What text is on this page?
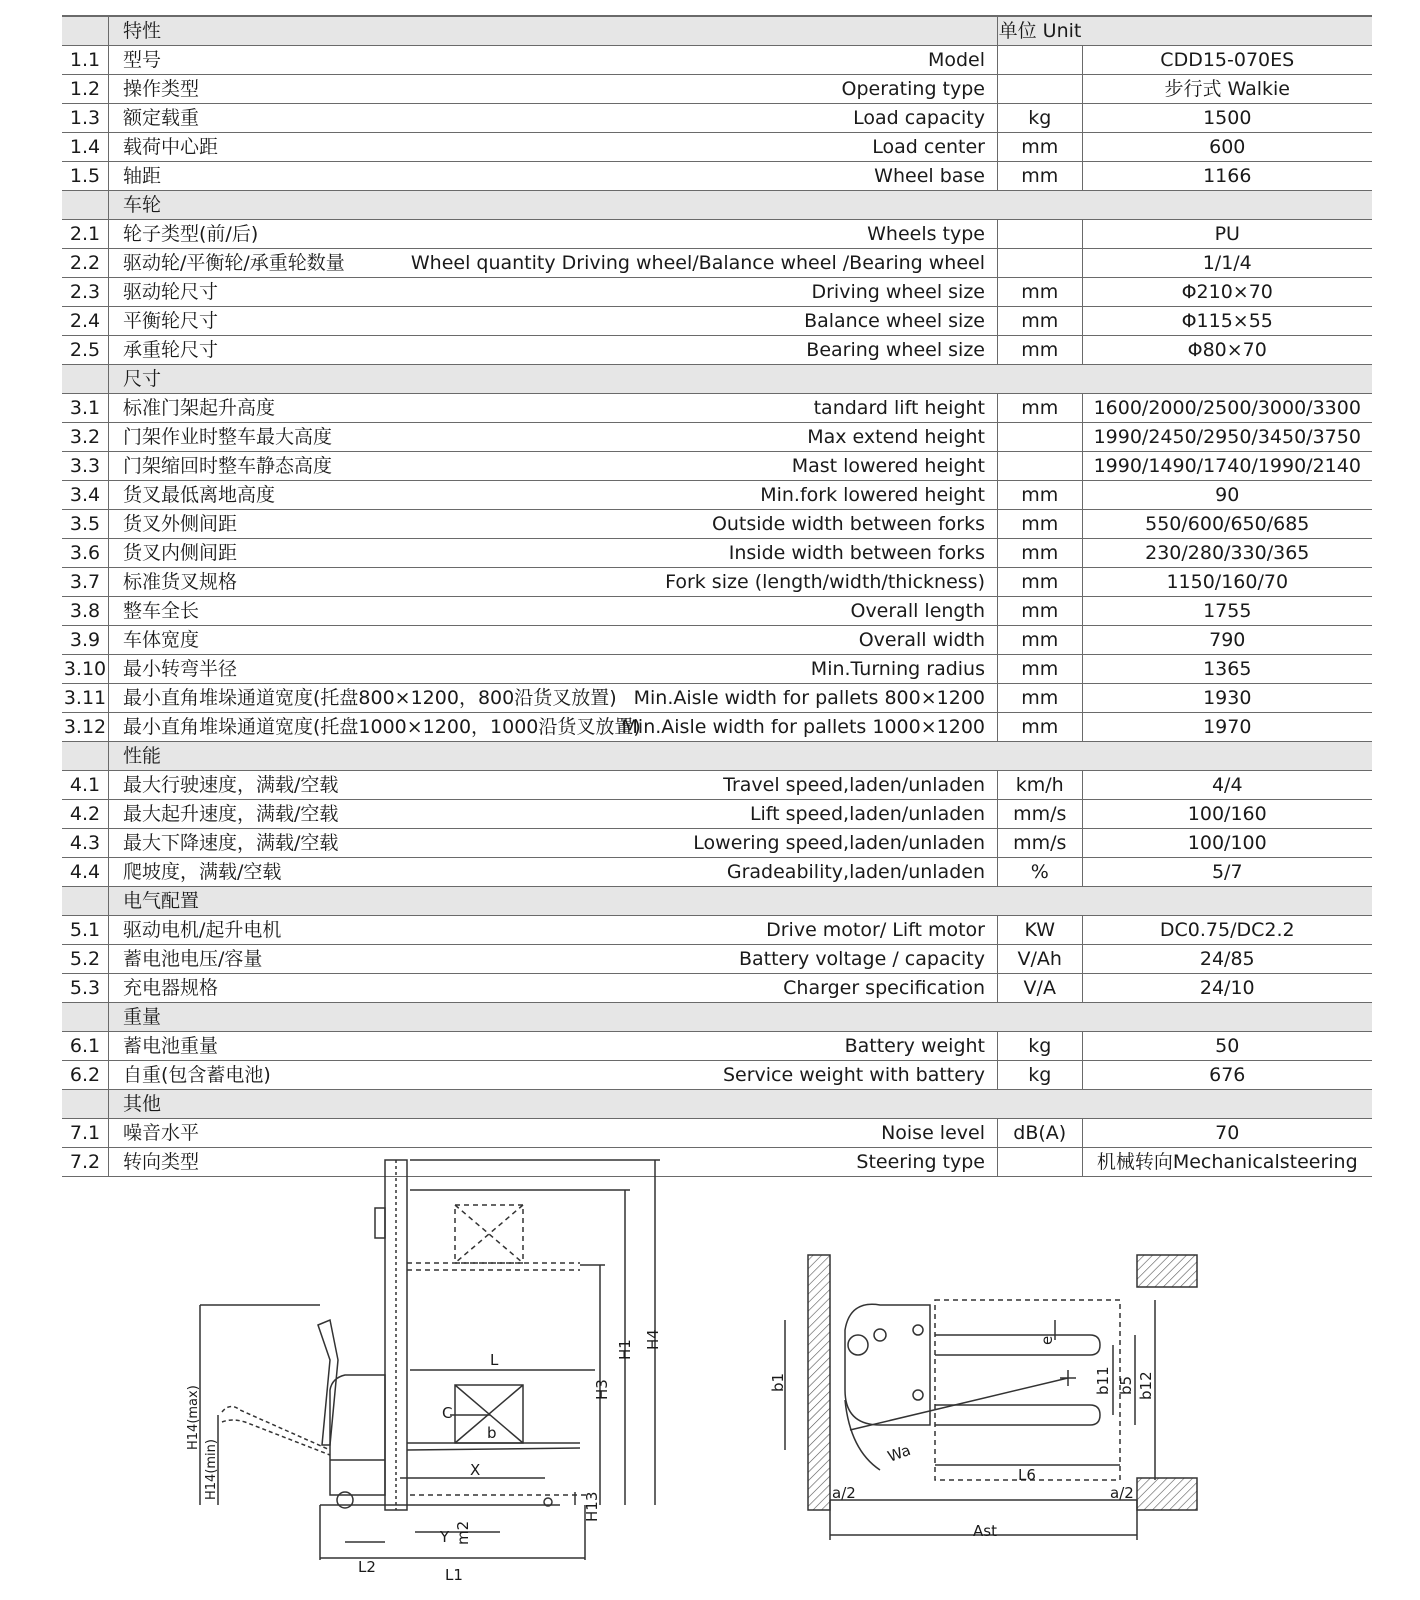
	特性		单位 Unit	
1.1	型号	Model		CDD15-070ES
1.2	操作类型	Operating type		步行式 Walkie
1.3	额定载重	Load capacity	kg	1500
1.4	载荷中心距	Load center	mm	600
1.5	轴距	Wheel base	mm	1166
	车轮			
2.1	轮子类型(前/后)	Wheels type		PU
2.2	驱动轮/平衡轮/承重轮数量	Wheel quantity Driving wheel/Balance wheel /Bearing wheel		1/1/4
2.3	驱动轮尺寸	Driving wheel size	mm	Φ210×70
2.4	平衡轮尺寸	Balance wheel size	mm	Φ115×55
2.5	承重轮尺寸	Bearing wheel size	mm	Φ80×70
	尺寸			
3.1	标准门架起升高度	tandard lift height	mm	1600/2000/2500/3000/3300
3.2	门架作业时整车最大高度	Max extend height		1990/2450/2950/3450/3750
3.3	门架缩回时整车静态高度	Mast lowered height		1990/1490/1740/1990/2140
3.4	货叉最低离地高度	Min.fork lowered height	mm	90
3.5	货叉外侧间距	Outside width between forks	mm	550/600/650/685
3.6	货叉内侧间距	Inside width between forks	mm	230/280/330/365
3.7	标准货叉规格	Fork size (length/width/thickness)	mm	1150/160/70
3.8	整车全长	Overall length	mm	1755
3.9	车体宽度	Overall width	mm	790
3.10	最小转弯半径	Min.Turning radius	mm	1365
3.11	最小直角堆垛通道宽度(托盘800×1200，800沿货叉放置)	Min.Aisle width for pallets 800×1200	mm	1930
3.12	最小直角堆垛通道宽度(托盘1000×1200，1000沿货叉放置)	Min.Aisle width for pallets 1000×1200	mm	1970
	性能			
4.1	最大行驶速度，满载/空载	Travel speed,laden/unladen	km/h	4/4
4.2	最大起升速度，满载/空载	Lift speed,laden/unladen	mm/s	100/160
4.3	最大下降速度，满载/空载	Lowering speed,laden/unladen	mm/s	100/100
4.4	爬坡度，满载/空载	Gradeability,laden/unladen	%	5/7
	电气配置			
5.1	驱动电机/起升电机	Drive motor/ Lift motor	KW	DC0.75/DC2.2
5.2	蓄电池电压/容量	Battery voltage / capacity	V/Ah	24/85
5.3	充电器规格	Charger specification	V/A	24/10
	重量			
6.1	蓄电池重量	Battery weight	kg	50
6.2	自重(包含蓄电池)	Service weight with battery	kg	676
	其他			
7.1	噪音水平	Noise level	dB(A)	70
7.2	转向类型	Steering type		机械转向Mechanicalsteering
L
C
b
X
Y m2
L1
L2
H1
H3
H4
H13
H14(max)
H14(min)
b1
e
b11 b5 b12
Wa
L6
a/2	a/2
Ast
